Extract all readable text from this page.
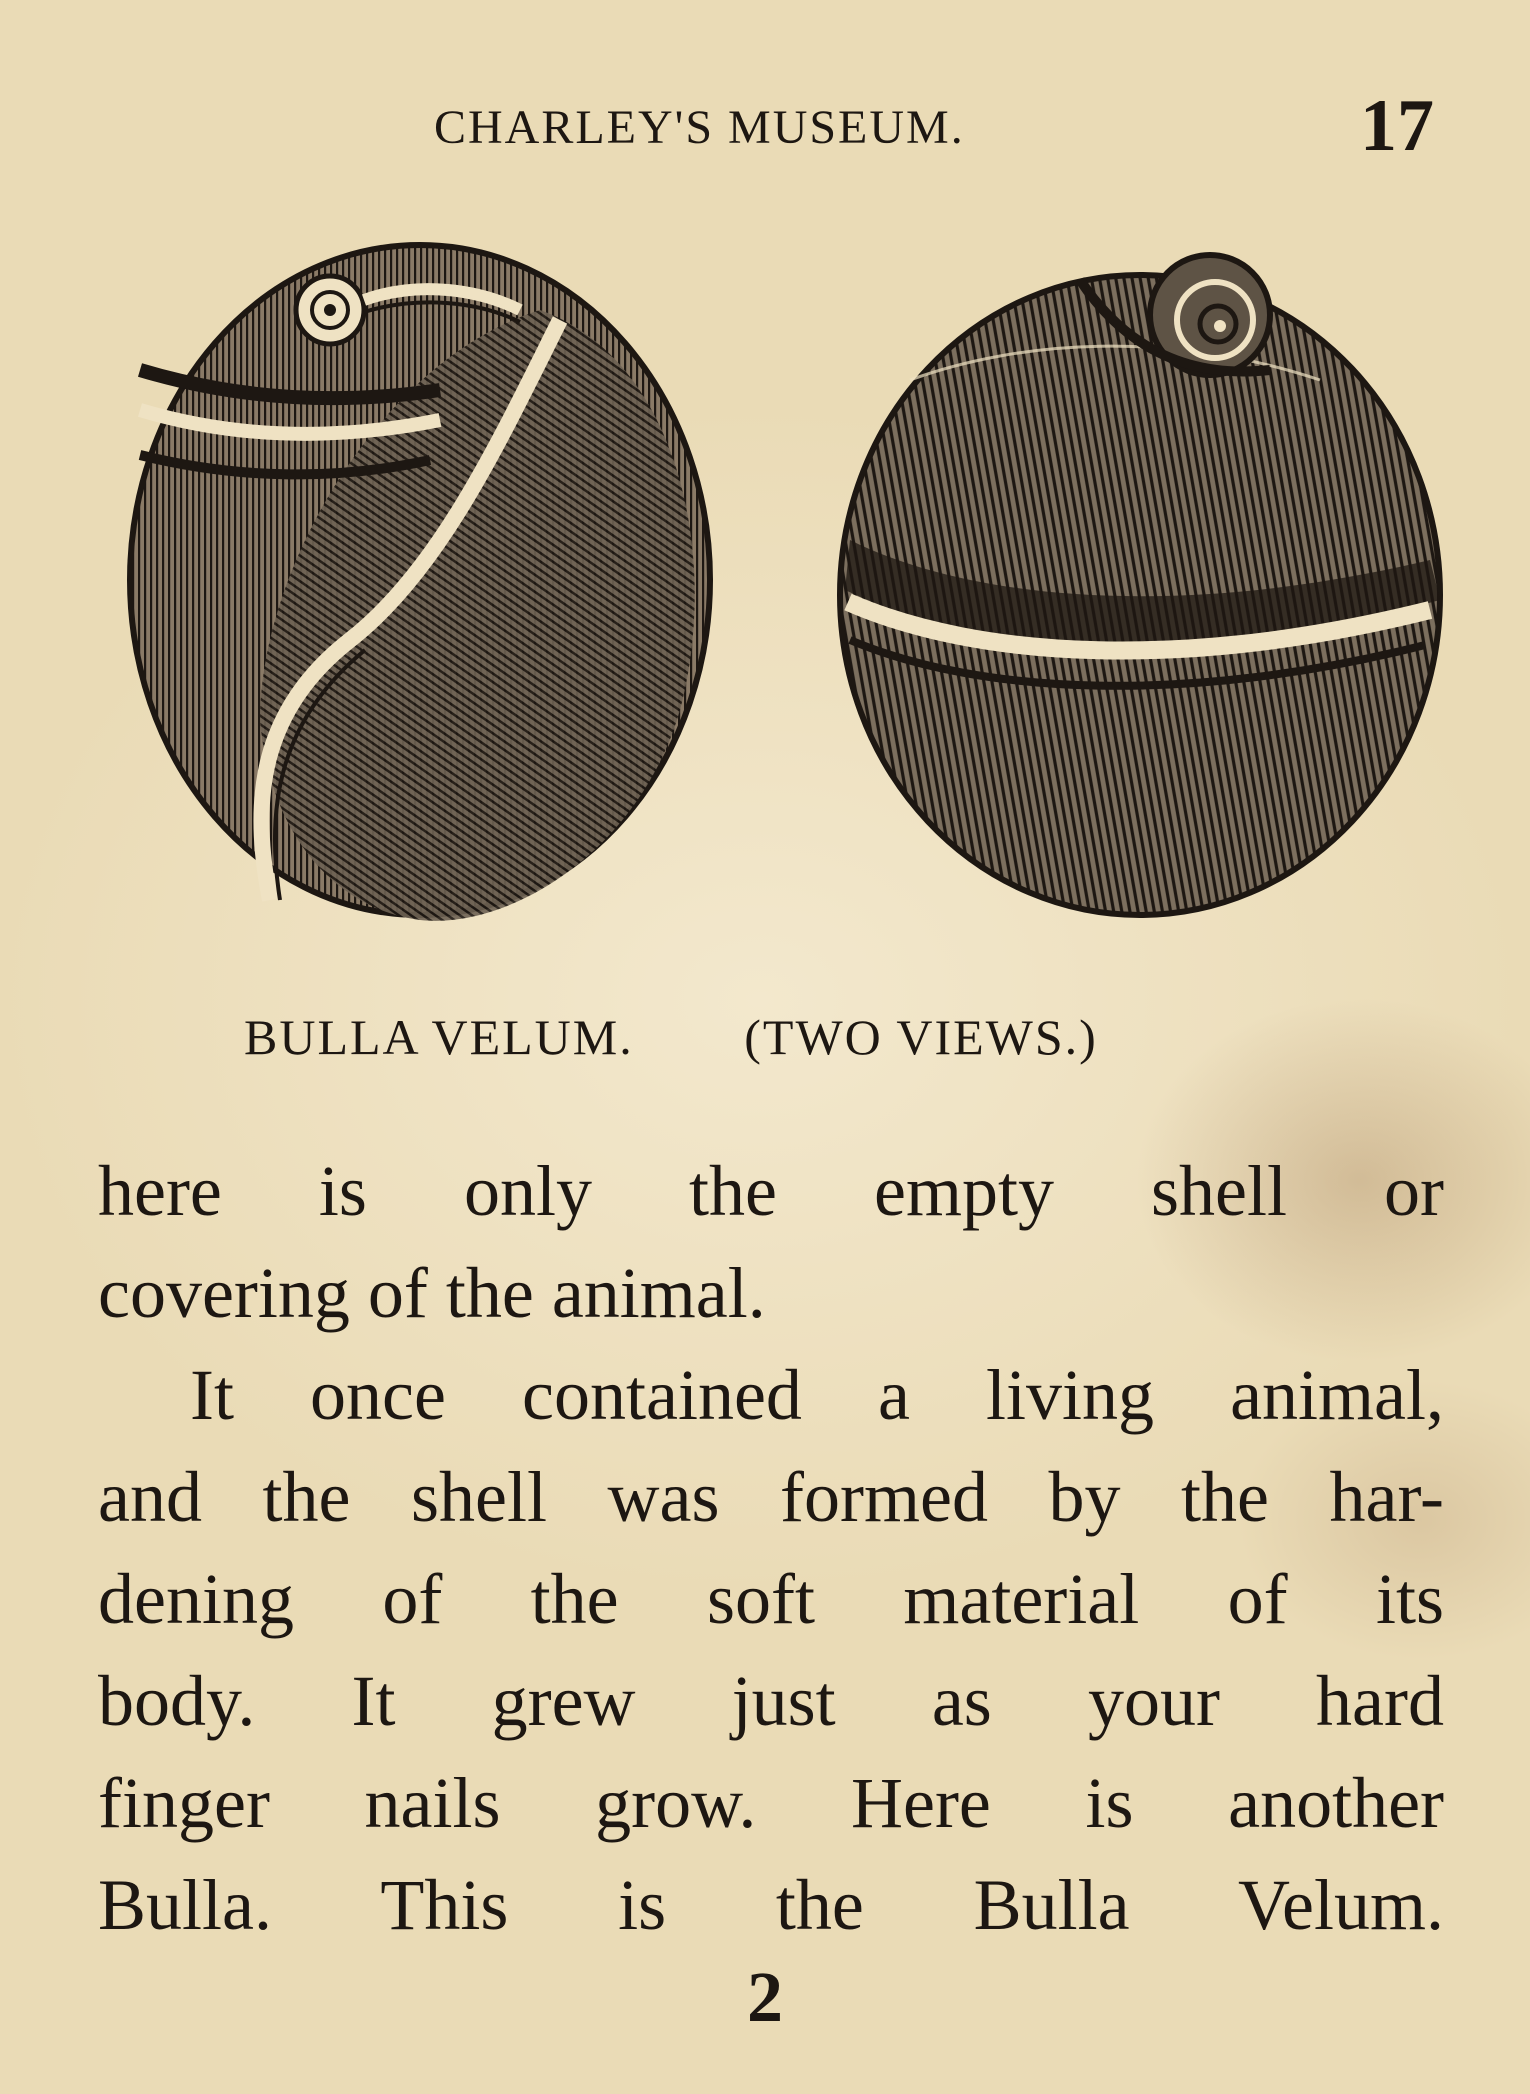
CHARLEY'S MUSEUM.	17
BULLA VELUM. (TWO VIEWS.)
here is only the empty shell or
covering of the animal.
It once contained a living animal,
and the shell was formed by the har-
dening of the soft material of its
body. It grew just as your hard
finger nails grow. Here is another
Bulla. This is the Bulla Velum.
2
